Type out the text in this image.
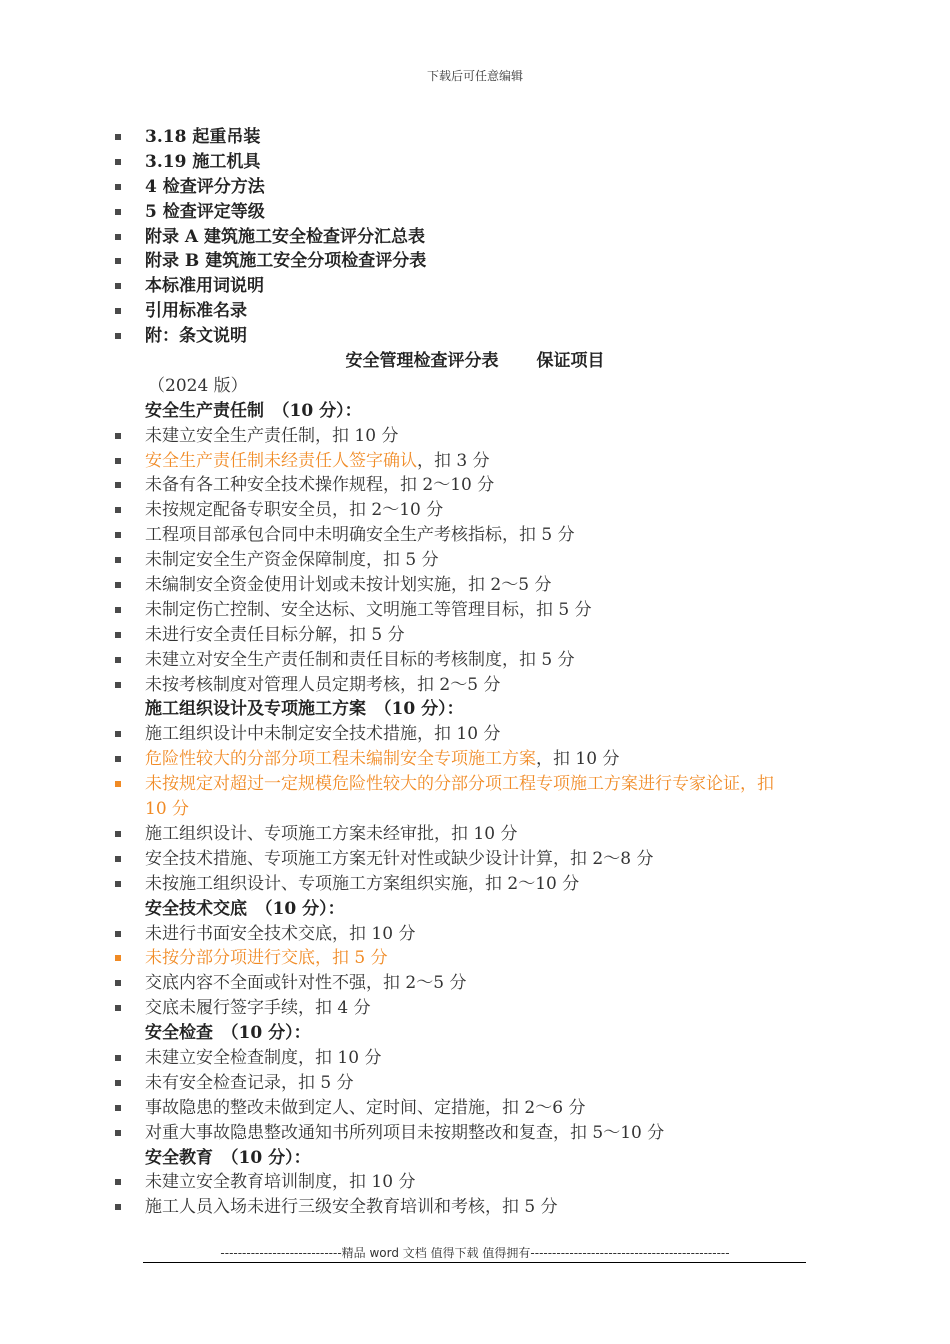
下载后可任意编辑
3.18 起重吊装
3.19 施工机具
4 检查评分方法
5 检查评定等级
附录 A 建筑施工安全检查评分汇总表
附录 B 建筑施工安全分项检查评分表
本标准用词说明
引用标准名录
附：条文说明
安全管理检查评分表 保证项目
（2024 版）
安全生产责任制　（10 分）：
未建立安全生产责任制，扣 10 分
安全生产责任制未经责任人签字确认，扣 3 分
未备有各工种安全技术操作规程，扣 2～10 分
未按规定配备专职安全员，扣 2～10 分
工程项目部承包合同中未明确安全生产考核指标，扣 5 分
未制定安全生产资金保障制度，扣 5 分
未编制安全资金使用计划或未按计划实施，扣 2～5 分
未制定伤亡控制、安全达标、文明施工等管理目标，扣 5 分
未进行安全责任目标分解，扣 5 分
未建立对安全生产责任制和责任目标的考核制度，扣 5 分
未按考核制度对管理人员定期考核，扣 2～5 分
施工组织设计及专项施工方案　（10 分）：
施工组织设计中未制定安全技术措施，扣 10 分
危险性较大的分部分项工程未编制安全专项施工方案，扣 10 分
未按规定对超过一定规模危险性较大的分部分项工程专项施工方案进行专家论证，扣 10 分
施工组织设计、专项施工方案未经审批，扣 10 分
安全技术措施、专项施工方案无针对性或缺少设计计算，扣 2～8 分
未按施工组织设计、专项施工方案组织实施，扣 2～10 分
安全技术交底　（10 分）：
未进行书面安全技术交底，扣 10 分
未按分部分项进行交底，扣 5 分
交底内容不全面或针对性不强，扣 2～5 分
交底未履行签字手续，扣 4 分
安全检查　（10 分）：
未建立安全检查制度，扣 10 分
未有安全检查记录，扣 5 分
事故隐患的整改未做到定人、定时间、定措施，扣 2～6 分
对重大事故隐患整改通知书所列项目未按期整改和复查，扣 5～10 分
安全教育　（10 分）：
未建立安全教育培训制度，扣 10 分
施工人员入场未进行三级安全教育培训和考核，扣 5 分
----------------------------精品 word 文档 值得下载 值得拥有----------------------------------------------
